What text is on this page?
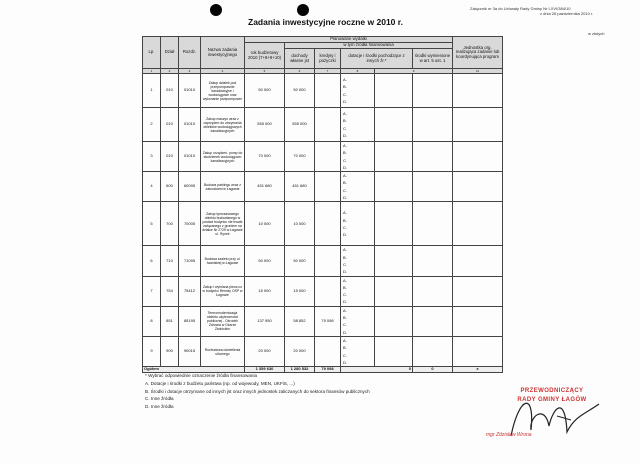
Załącznik nr 3a do Uchwały Rady Gminy Nr LXVI/384/10
z dnia 26 października 2010 r.
Zadania inwestycyjne roczne w 2010 r.
w złotych
Lp.	Dział	Rozdz.	Nazwa zadania inwestycyjnego	Planowane wydatki						Jednostka org. realizująca zadanie lub koordynująca program
				rok budżetowy 2010 (7+8+9+10)	w tym źródła finansowania					
					dochody własne jst	kredyty i pożyczki	dotacje i środki pochodzące z innych źr.*		środki wymienione w art. 5 ust. 1	
1	2	3	4	5	6	7	8	9		11
1	010	01010	Zakup działek pod przepompownie kanalizacyjne i wodociągowe oraz wykonanie przepompowni	50 000	50 000		A.
B.
C.
D.			

2	010	01010	Zakup maszyn wraz z osprzętem do utrzymania obiektów wodociągowych kanalizacyjnych	555 000	555 000		A.
B.
C.
D.			

3	010	01010	Zakup urządzeń- pomp do studzienek wodociągowo kanalizacyjnych	70 000	70 000		A.
B.
C.
D.			

4	600	60095	Budowa parkingu wraz z zatoczkami w Łagowie	451 680	451 680		A.
B.
C.
D.			

5	700	70005	Zakup tymczasowego obiektu budowlanego w postaci budynku nie trwale związanego z gruntem na działce Nr 2729 w Łagowie ul. Rynek	10 000	10 000		A.
B.
C.
D.			

6	710	71095	Budowa szaletu przy ul. Iwaniskiej w Łagowie	50 000	50 000		A.
B.
C.
D.			

7	754	75412	Zakup i wymiana pieca co w budynku Remizy OSP w Łagowie	15 000	15 000		A.
B.
C.
D.			

8	851	85195	Termomodernizacja obiektu użyteczności publicznej - Ośrodek Zdrowia w Ożarze Złotnickim	137 950	58 852	79 098	A.
B.
C.
D.			

9	900	90015	Rozbudowa oświetlenia ulicznego	20 000	20 000		A.
B.
C.
D.			

Ogółem				1 359 630	1 280 532	79 098	0		0	x
* Wybrać odpowiednie oznaczenie źródła finansowania
A. Dotacje i środki z budżetu państwa (np. od wojewody, MEN, UKFiS, ...)
B. Środki i dotacje otrzymane od innych jst oraz innych jednostek zaliczanych do sektora finansów publicznych
C. Inne źródła
D. Inne źródła
PRZEWODNICZĄCY
RADY GMINY ŁAGÓW
mgr Zdzisław Wrona
